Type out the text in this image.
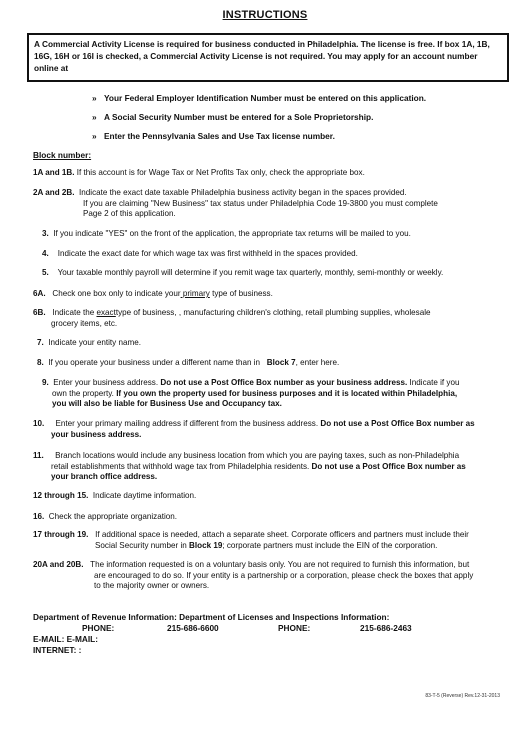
INSTRUCTIONS
A Commercial Activity License is required for business conducted in Philadelphia. The license is free. If box 1A, 1B, 16G, 16H or 16I is checked, a Commercial Activity License is not required. You may apply for an account number online at
» Your Federal Employer Identification Number must be entered on this application.
» A Social Security Number must be entered for a Sole Proprietorship.
» Enter the Pennsylvania Sales and Use Tax license number.
Block number:
1A and 1B. If this account is for Wage Tax or Net Profits Tax only, check the appropriate box.
2A and 2B. Indicate the exact date taxable Philadelphia business activity began in the spaces provided.
If you are claiming "New Business" tax status under Philadelphia Code 19-3800 you must complete
Page 2 of this application.
3. If you indicate "YES" on the front of the application, the appropriate tax returns will be mailed to you.
4. Indicate the exact date for which wage tax was first withheld in the spaces provided.
5. Your taxable monthly payroll will determine if you remit wage tax quarterly, monthly, semi-monthly or weekly.
6A. Check one box only to indicate your primary type of business.
6B. Indicate the exacttype of business, , manufacturing children's clothing, retail plumbing supplies, wholesale
grocery items, etc.
7. Indicate your entity name.
8. If you operate your business under a different name than in   Block 7, enter here.
9. Enter your business address. Do not use a Post Office Box number as your business address. Indicate if you
own the property. If you own the property used for business purposes and it is located within Philadelphia,
you will also be liable for Business Use and Occupancy tax.
10. Enter your primary mailing address if different from the business address. Do not use a Post Office Box number as
your business address.
11. Branch locations would include any business location from which you are paying taxes, such as non-Philadelphia
retail establishments that withhold wage tax from Philadelphia residents. Do not use a Post Office Box number as
your branch office address.
12 through 15. Indicate daytime information.
16. Check the appropriate organization.
17 through 19. If additional space is needed, attach a separate sheet. Corporate officers and partners must include their
Social Security number in Block 19; corporate partners must include the EIN of the corporation.
20A and 20B. The information requested is on a voluntary basis only. You are not required to furnish this information, but
are encouraged to do so. If your entity is a partnership or a corporation, please check the boxes that apply
to the majority owner or owners.
Department of Revenue Information: Department of Licenses and Inspections Information:
PHONE:	215-686-6600	PHONE:	215-686-2463
E-MAIL: E-MAIL:
INTERNET: :
83-T-5 (Reverse) Rev.12-31-2013
